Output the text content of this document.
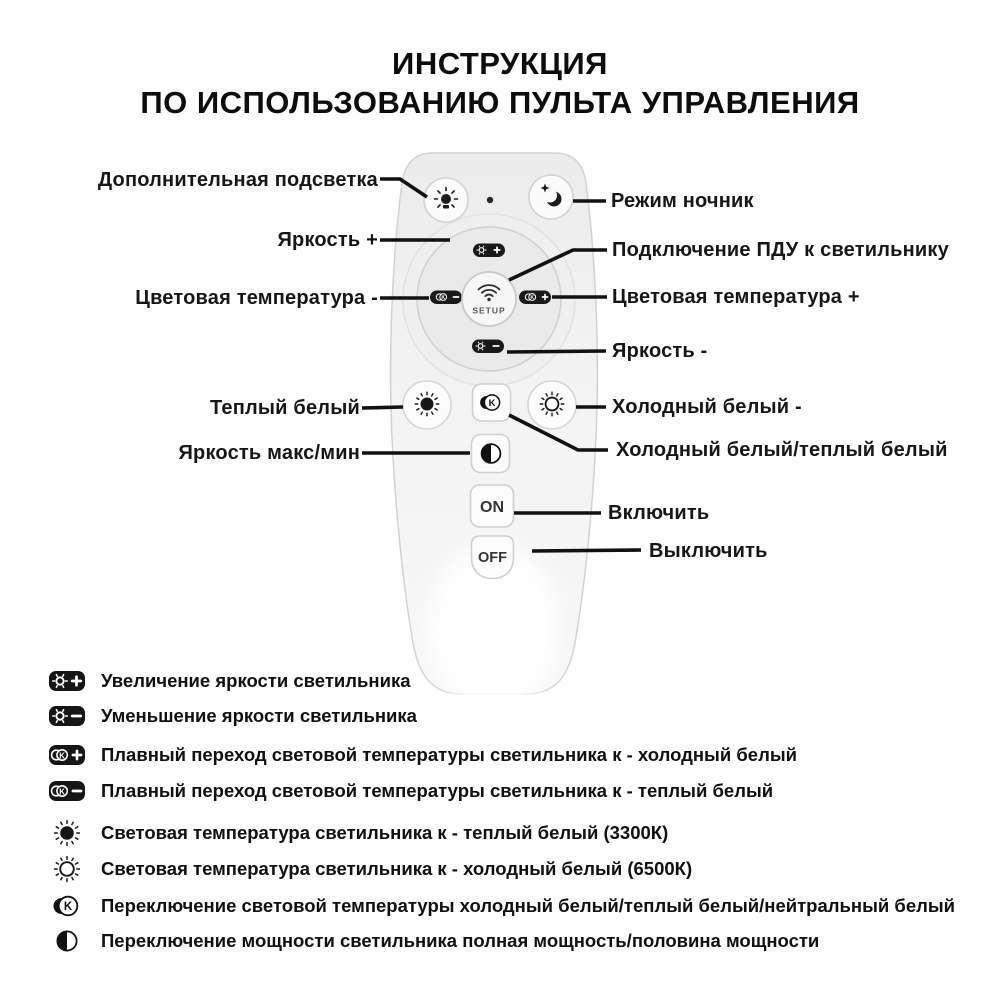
ИНСТРУКЦИЯ
ПО ИСПОЛЬЗОВАНИЮ ПУЛЬТА УПРАВЛЕНИЯ
SETUP
ON
OFF
Дополнительная подсветка
Яркость +
Цветовая температура -
Теплый белый
Яркость макс/мин
Режим ночник
Подключение ПДУ к светильнику
Цветовая температура +
Яркость -
Холодный белый -
Холодный белый/теплый белый
Включить
Выключить
Увеличение яркости светильника
Уменьшение яркости светильника
Плавный переход световой температуры светильника к - холодный белый
Плавный переход световой температуры светильника к - теплый белый
Световая температура светильника к - теплый белый (3300К)
Световая температура светильника к - холодный белый (6500К)
Переключение световой температуры холодный белый/теплый белый/нейтральный белый
Переключение мощности светильника полная мощность/половина мощности
